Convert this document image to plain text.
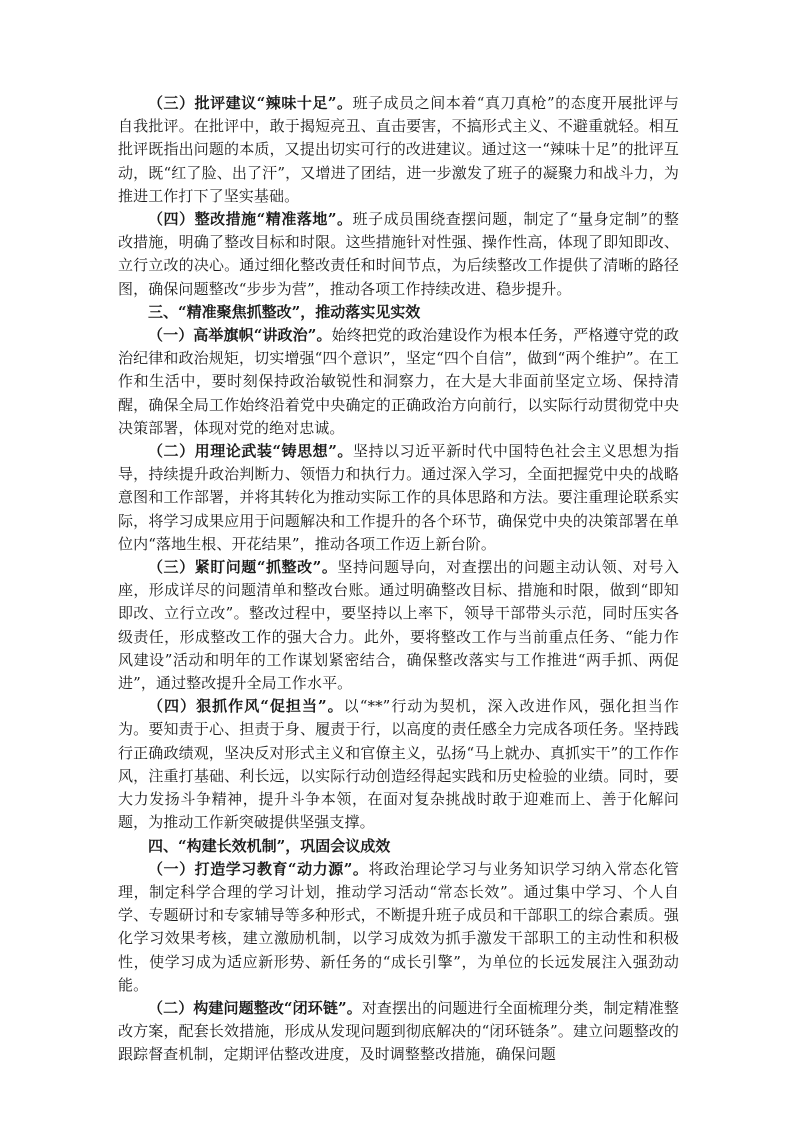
（三）批评建议“辣味十足”。班子成员之间本着“真刀真枪”的态度开展批评与自我批评。在批评中，敢于揭短亮丑、直击要害，不搞形式主义、不避重就轻。相互批评既指出问题的本质，又提出切实可行的改进建议。通过这一“辣味十足”的批评互动，既“红了脸、出了汗”，又增进了团结，进一步激发了班子的凝聚力和战斗力，为推进工作打下了坚实基础。

（四）整改措施“精准落地”。班子成员围绕查摆问题，制定了“量身定制”的整改措施，明确了整改目标和时限。这些措施针对性强、操作性高，体现了即知即改、立行立改的决心。通过细化整改责任和时间节点，为后续整改工作提供了清晰的路径图，确保问题整改“步步为营”，推动各项工作持续改进、稳步提升。

三、“精准聚焦抓整改”，推动落实见实效

（一）高举旗帜“讲政治”。始终把党的政治建设作为根本任务，严格遵守党的政治纪律和政治规矩，切实增强“四个意识”，坚定“四个自信”，做到“两个维护”。在工作和生活中，要时刻保持政治敏锐性和洞察力，在大是大非面前坚定立场、保持清醒，确保全局工作始终沿着党中央确定的正确政治方向前行，以实际行动贯彻党中央决策部署，体现对党的绝对忠诚。

（二）用理论武装“铸思想”。坚持以习近平新时代中国特色社会主义思想为指导，持续提升政治判断力、领悟力和执行力。通过深入学习，全面把握党中央的战略意图和工作部署，并将其转化为推动实际工作的具体思路和方法。要注重理论联系实际，将学习成果应用于问题解决和工作提升的各个环节，确保党中央的决策部署在单位内“落地生根、开花结果”，推动各项工作迈上新台阶。

（三）紧盯问题“抓整改”。坚持问题导向，对查摆出的问题主动认领、对号入座，形成详尽的问题清单和整改台账。通过明确整改目标、措施和时限，做到“即知即改、立行立改”。整改过程中，要坚持以上率下，领导干部带头示范，同时压实各级责任，形成整改工作的强大合力。此外，要将整改工作与当前重点任务、“能力作风建设”活动和明年的工作谋划紧密结合，确保整改落实与工作推进“两手抓、两促进”，通过整改提升全局工作水平。

（四）狠抓作风“促担当”。以“**”行动为契机，深入改进作风，强化担当作为。要知责于心、担责于身、履责于行，以高度的责任感全力完成各项任务。坚持践行正确政绩观，坚决反对形式主义和官僚主义，弘扬“马上就办、真抓实干”的工作作风，注重打基础、利长远，以实际行动创造经得起实践和历史检验的业绩。同时，要大力发扬斗争精神，提升斗争本领，在面对复杂挑战时敢于迎难而上、善于化解问题，为推动工作新突破提供坚强支撑。

四、“构建长效机制”，巩固会议成效

（一）打造学习教育“动力源”。将政治理论学习与业务知识学习纳入常态化管理，制定科学合理的学习计划，推动学习活动“常态长效”。通过集中学习、个人自学、专题研讨和专家辅导等多种形式，不断提升班子成员和干部职工的综合素质。强化学习效果考核，建立激励机制，以学习成效为抓手激发干部职工的主动性和积极性，使学习成为适应新形势、新任务的“成长引擎”，为单位的长远发展注入强劲动能。

（二）构建问题整改“闭环链”。对查摆出的问题进行全面梳理分类，制定精准整改方案，配套长效措施，形成从发现问题到彻底解决的“闭环链条”。建立问题整改的跟踪督查机制，定期评估整改进度，及时调整整改措施，确保问题
